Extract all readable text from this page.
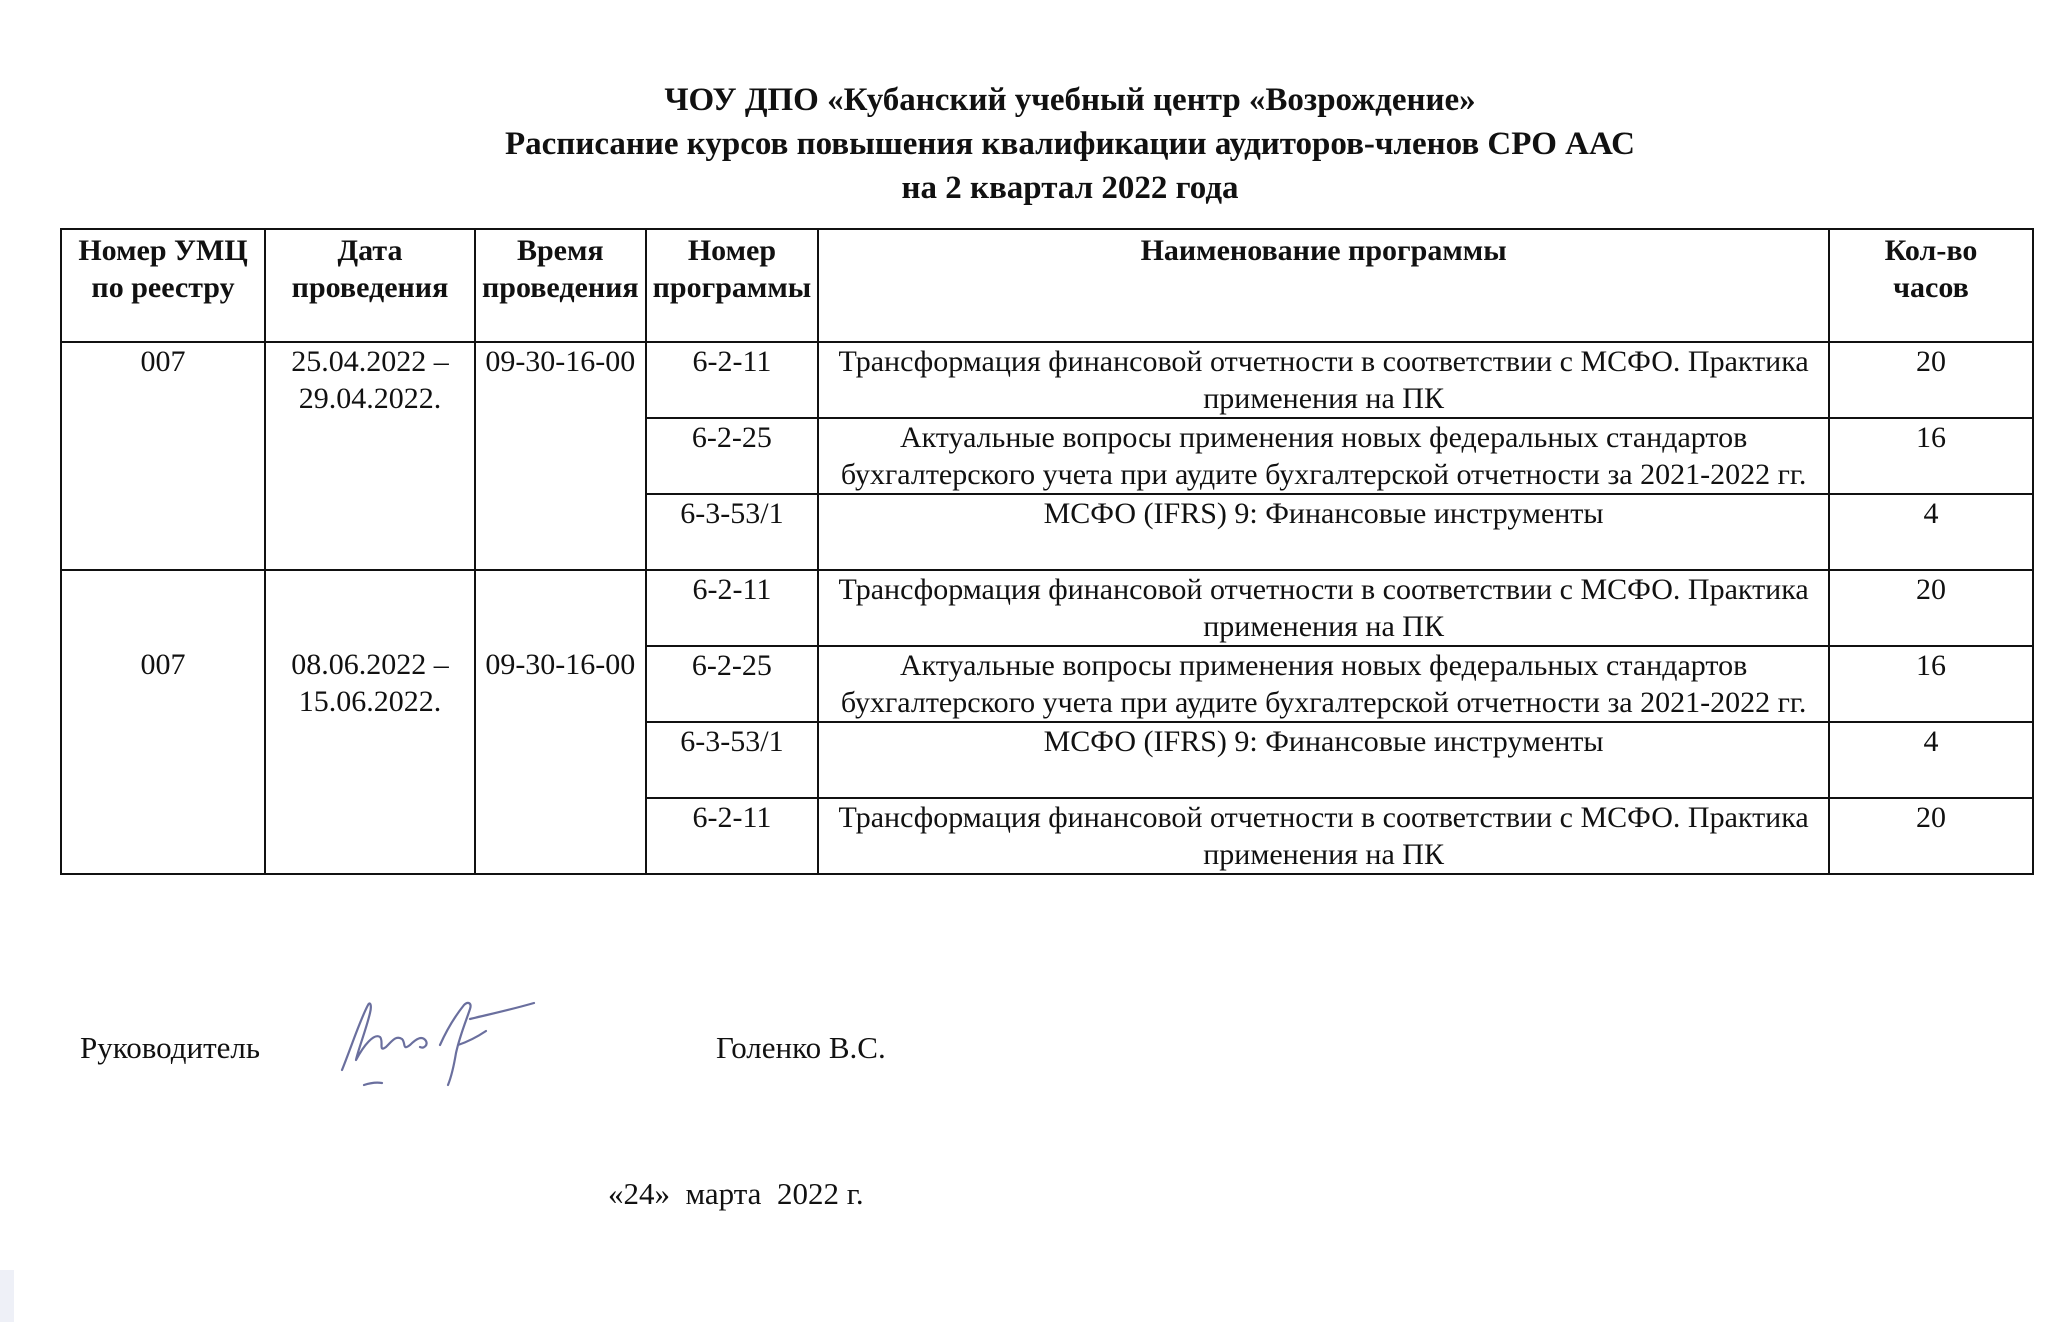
ЧОУ ДПО «Кубанский учебный центр «Возрождение»
Расписание курсов повышения квалификации аудиторов-членов СРО ААС
на 2 квартал 2022 года
Номер УМЦ по реестру	Дата проведения	Время проведения	Номер программы	Наименование программы	Кол-во часов
007	25.04.2022 – 29.04.2022.	09-30-16-00	6-2-11	Трансформация финансовой отчетности в соответствии с МСФО. Практика применения на ПК	20
			6-2-25	Актуальные вопросы применения новых федеральных стандартов бухгалтерского учета при аудите бухгалтерской отчетности за 2021-2022 гг.	16
			6-3-53/1	МСФО (IFRS) 9: Финансовые инструменты	4
007	08.06.2022 – 15.06.2022.	09-30-16-00	6-2-11	Трансформация финансовой отчетности в соответствии с МСФО. Практика применения на ПК	20
			6-2-25	Актуальные вопросы применения новых федеральных стандартов бухгалтерского учета при аудите бухгалтерской отчетности за 2021-2022 гг.	16
			6-3-53/1	МСФО (IFRS) 9: Финансовые инструменты	4
			6-2-11	Трансформация финансовой отчетности в соответствии с МСФО. Практика применения на ПК	20
Руководитель	Голенко В.С.
«24»  марта  2022 г.
